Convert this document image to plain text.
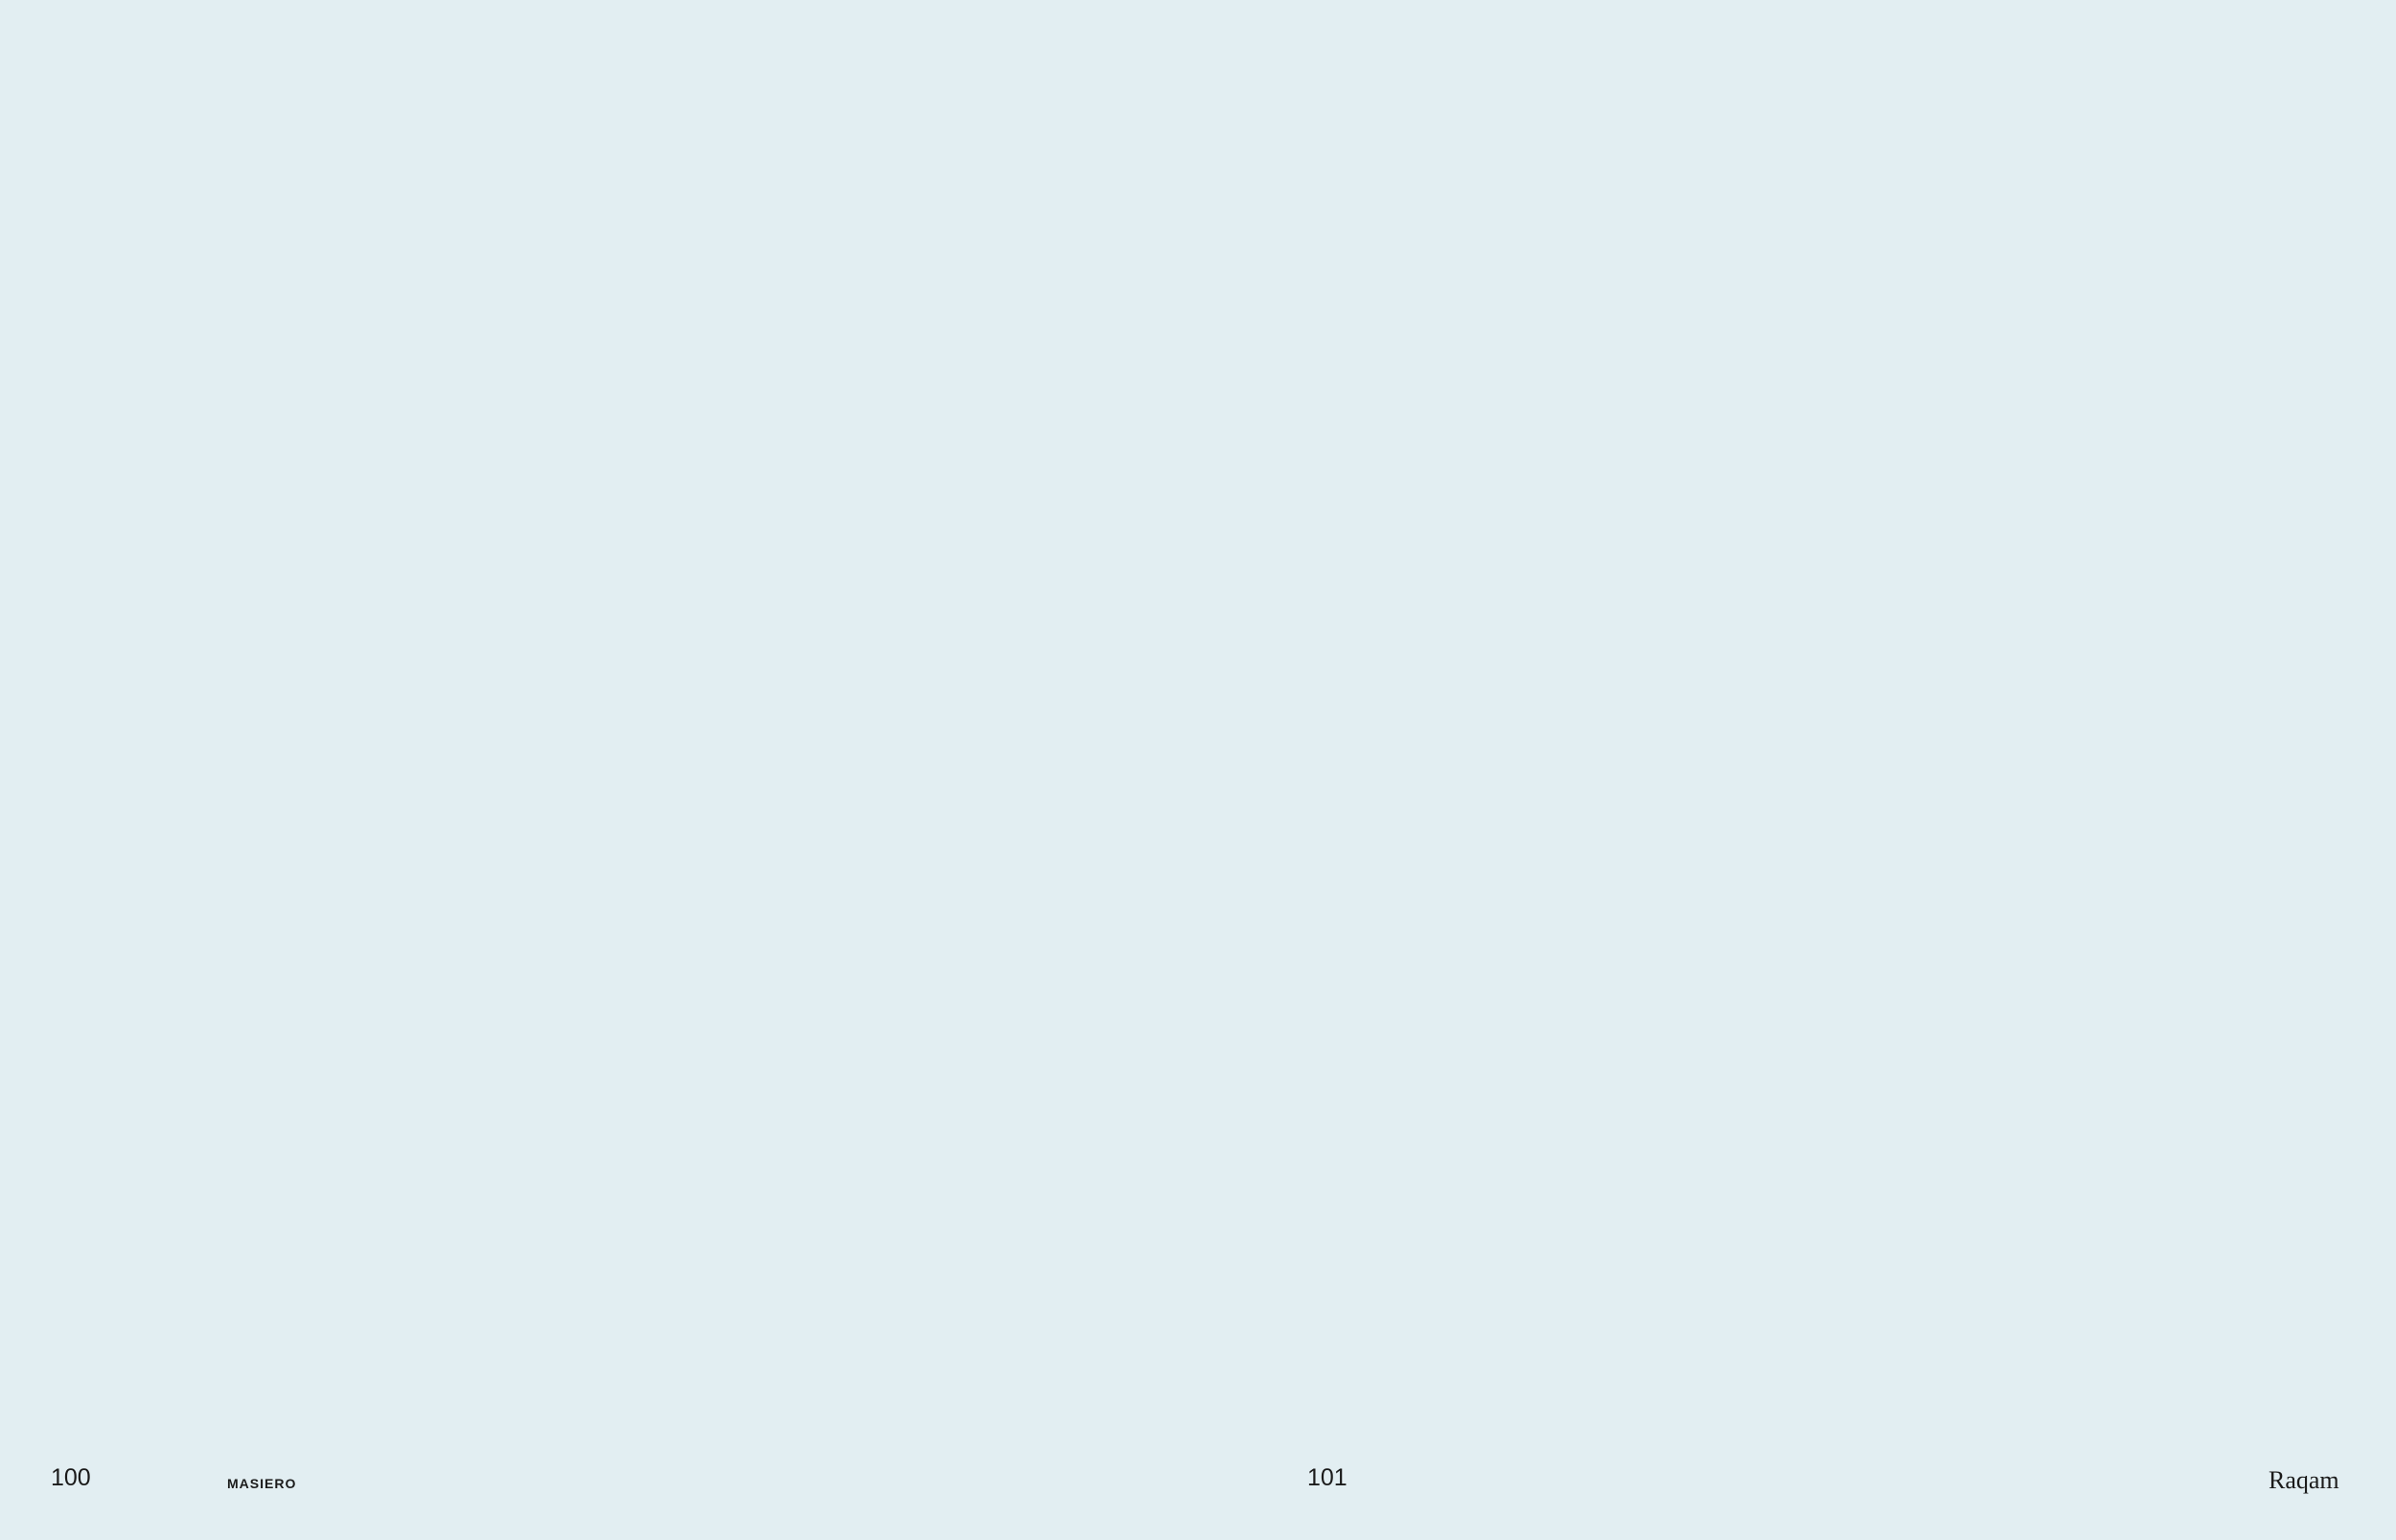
100	MASIERO	101	Raqam
